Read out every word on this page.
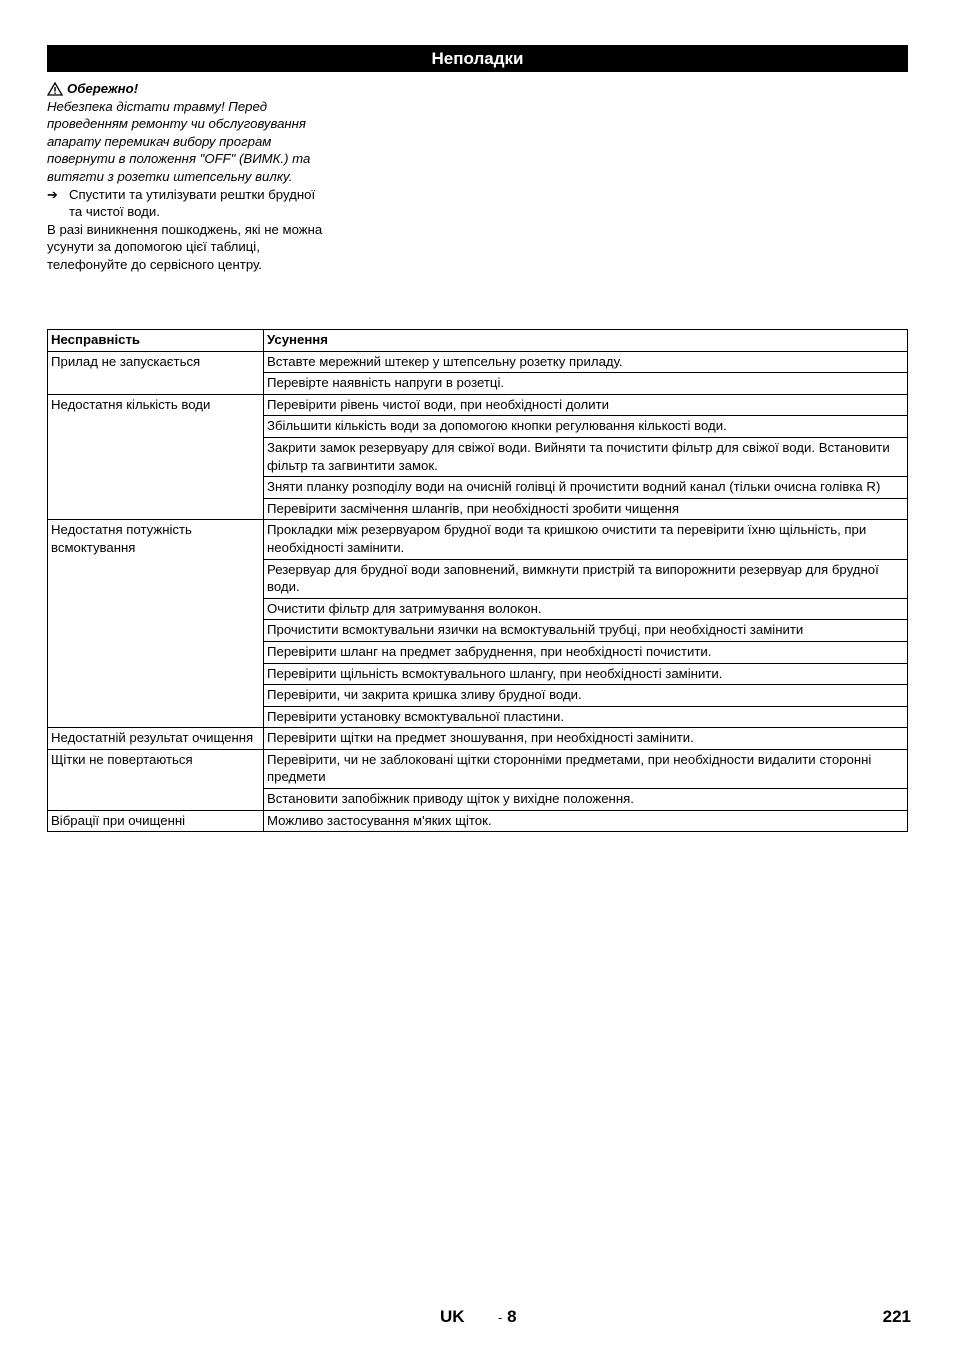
Неполадки
Обережно!
Небезпека дістати травму! Перед проведенням ремонту чи обслуговування апарату перемикач вибору програм повернути в положення "OFF" (ВИМК.) та витягти з розетки штепсельну вилку.
➔ Спустити та утилізувати рештки брудної та чистої води.
В разі виникнення пошкоджень, які не можна усунути за допомогою цієї таблиці, телефонуйте до сервісного центру.
Несправність	Усунення
Прилад не запускається	Вставте мережний штекер у штепсельну розетку приладу.
	Перевірте наявність напруги в розетці.
Недостатня кількість води	Перевірити рівень чистої води, при необхідності долити
	Збільшити кількість води за допомогою кнопки регулювання кількості води.
	Закрити замок резервуару для свіжої води. Вийняти та почистити фільтр для свіжої води. Встановити фільтр та загвинтити замок.
	Зняти планку розподілу води на очисній голівці й прочистити водний канал (тільки очисна голівка R)
	Перевірити засмічення шлангів, при необхідності зробити чищення
Недостатня потужність всмоктування	Прокладки між резервуаром брудної води та кришкою очистити та перевірити їхню щільність, при необхідності замінити.
	Резервуар для брудної води заповнений, вимкнути пристрій та випорожнити резервуар для брудної води.
	Очистити фільтр для затримування волокон.
	Прочистити всмоктувальни язички на всмоктувальній трубці, при необхідності замінити
	Перевірити шланг на предмет забруднення, при необхідності почистити.
	Перевірити щільність всмоктувального шлангу, при необхідності замінити.
	Перевірити, чи закрита кришка зливу брудної води.
	Перевірити установку всмоктувальної пластини.
Недостатній результат очищення	Перевірити щітки на предмет зношування, при необхідності замінити.
Щітки не повертаються	Перевірити, чи не заблоковані щітки сторонніми предметами, при необхідности видалити сторонні предмети
	Встановити запобіжник приводу щіток у вихідне положення.
Вібрації при очищенні	Можливо застосування м'яких щіток.
UK	- 8	221
